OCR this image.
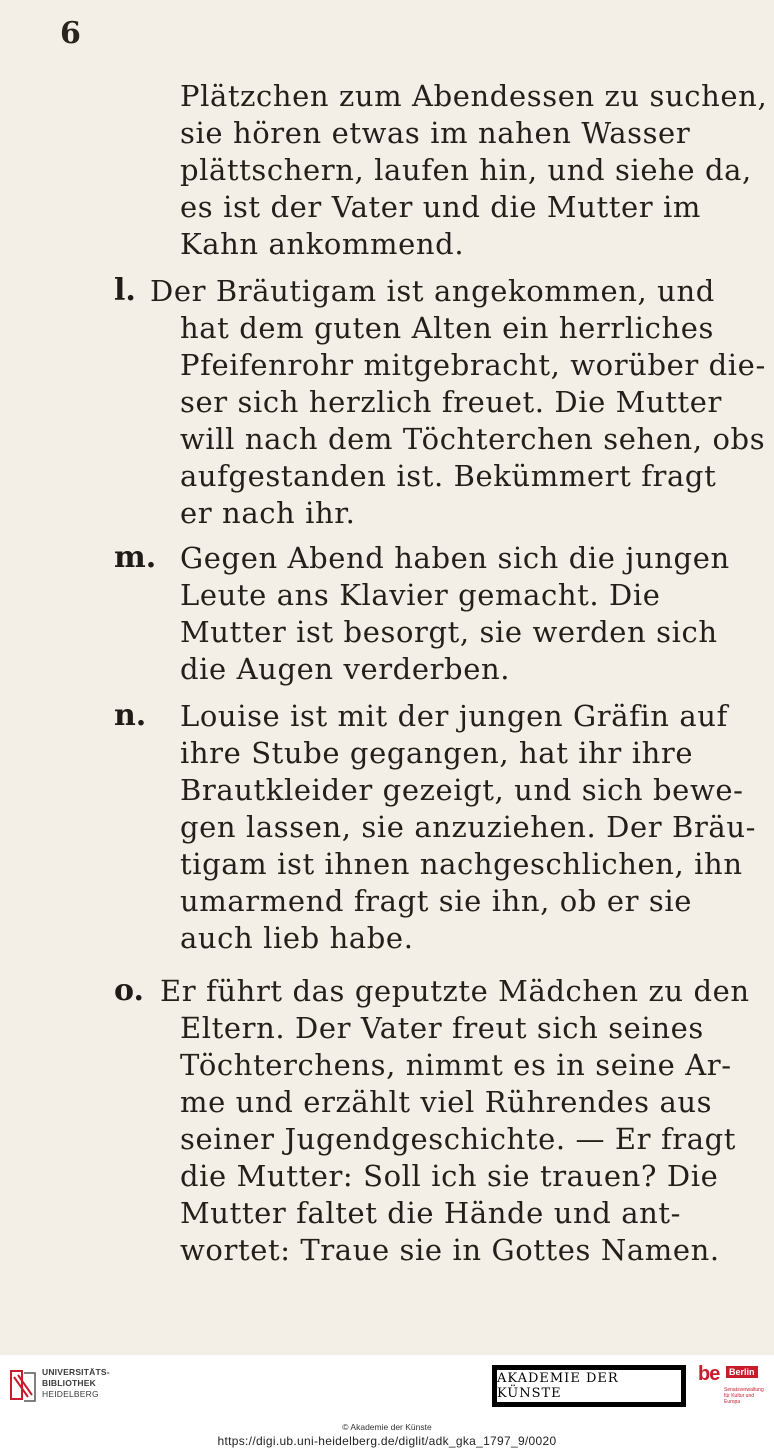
6
Plätzchen zum Abendessen zu suchen,
sie hören etwas im nahen Wasser
plättschern, laufen hin, und siehe da,
es ist der Vater und die Mutter im
Kahn ankommend.
l. Der Bräutigam ist angekommen, und
hat dem guten Alten ein herrliches
Pfeifenrohr mitgebracht, worüber die-
ser sich herzlich freuet. Die Mutter
will nach dem Töchterchen sehen, obs
aufgestanden ist. Bekümmert fragt
er nach ihr.
m. Gegen Abend haben sich die jungen
Leute ans Klavier gemacht. Die
Mutter ist besorgt, sie werden sich
die Augen verderben.
n. Louise ist mit der jungen Gräfin auf
ihre Stube gegangen, hat ihr ihre
Brautkleider gezeigt, und sich bewe-
gen lassen, sie anzuziehen. Der Bräu-
tigam ist ihnen nachgeschlichen, ihn
umarmend fragt sie ihn, ob er sie
auch lieb habe.
o. Er führt das geputzte Mädchen zu den
Eltern. Der Vater freut sich seines
Töchterchens, nimmt es in seine Ar-
me und erzählt viel Rührendes aus
seiner Jugendgeschichte. — Er fragt
die Mutter: Soll ich sie trauen? Die
Mutter faltet die Hände und ant-
wortet: Traue sie in Gottes Namen.
UNIVERSITÄTS-
BIBLIOTHEK
HEIDELBERG
AKADEMIE DER KÜNSTE
be	Berlin
Senatsverwaltung für Kultur und Europa
© Akademie der Künste
https://digi.ub.uni-heidelberg.de/diglit/adk_gka_1797_9/0020
